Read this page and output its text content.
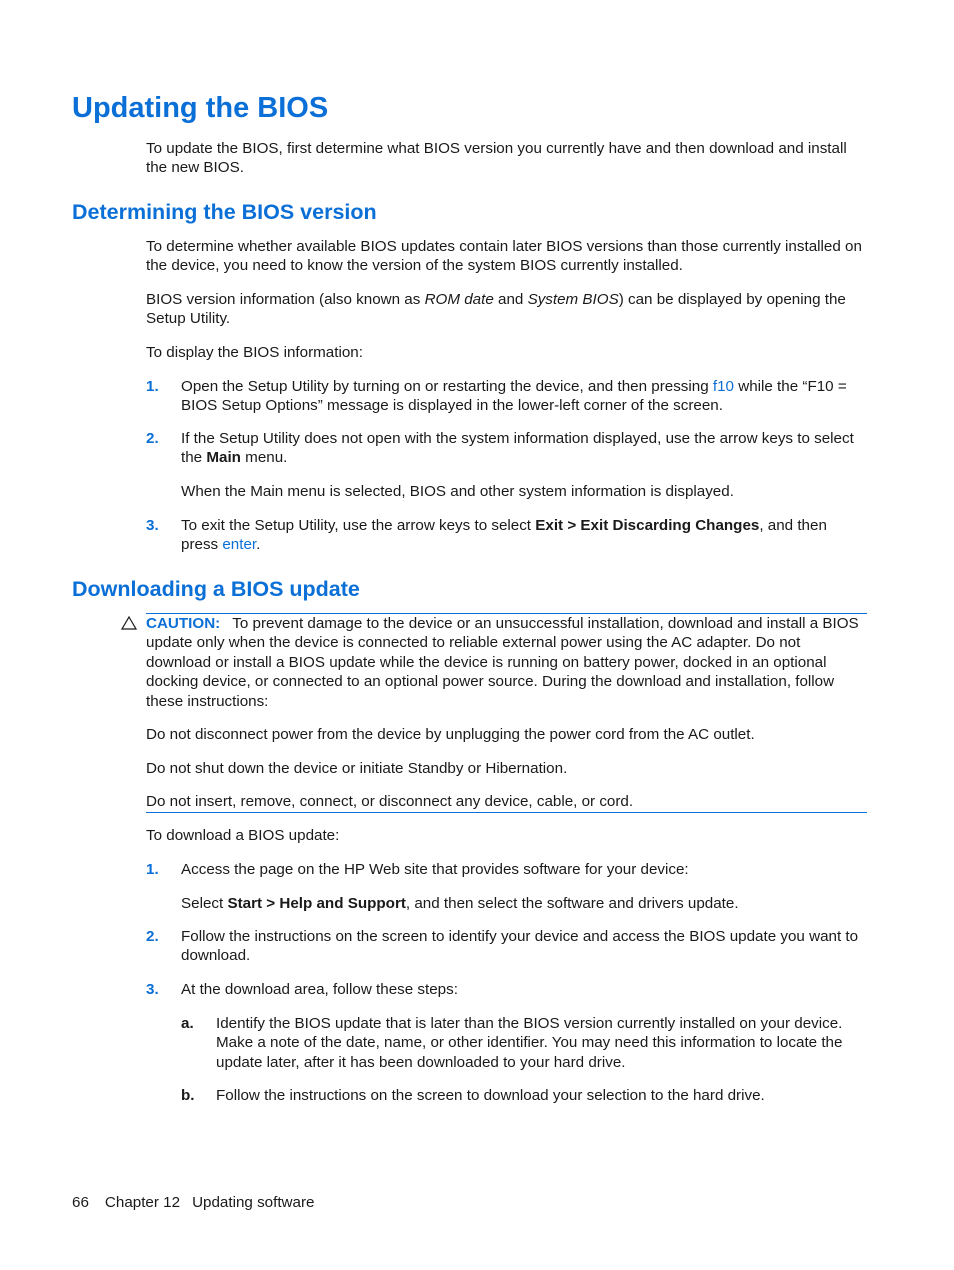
Updating the BIOS
To update the BIOS, first determine what BIOS version you currently have and then download and install the new BIOS.
Determining the BIOS version
To determine whether available BIOS updates contain later BIOS versions than those currently installed on the device, you need to know the version of the system BIOS currently installed.
BIOS version information (also known as ROM date and System BIOS) can be displayed by opening the Setup Utility.
To display the BIOS information:
1. Open the Setup Utility by turning on or restarting the device, and then pressing f10 while the “F10 = BIOS Setup Options” message is displayed in the lower-left corner of the screen.
2. If the Setup Utility does not open with the system information displayed, use the arrow keys to select the Main menu.
When the Main menu is selected, BIOS and other system information is displayed.
3. To exit the Setup Utility, use the arrow keys to select Exit > Exit Discarding Changes, and then press enter.
Downloading a BIOS update
CAUTION: To prevent damage to the device or an unsuccessful installation, download and install a BIOS update only when the device is connected to reliable external power using the AC adapter. Do not download or install a BIOS update while the device is running on battery power, docked in an optional docking device, or connected to an optional power source. During the download and installation, follow these instructions:
Do not disconnect power from the device by unplugging the power cord from the AC outlet.
Do not shut down the device or initiate Standby or Hibernation.
Do not insert, remove, connect, or disconnect any device, cable, or cord.
To download a BIOS update:
1. Access the page on the HP Web site that provides software for your device:
Select Start > Help and Support, and then select the software and drivers update.
2. Follow the instructions on the screen to identify your device and access the BIOS update you want to download.
3. At the download area, follow these steps:
a. Identify the BIOS update that is later than the BIOS version currently installed on your device. Make a note of the date, name, or other identifier. You may need this information to locate the update later, after it has been downloaded to your hard drive.
b. Follow the instructions on the screen to download your selection to the hard drive.
66 Chapter 12 Updating software
